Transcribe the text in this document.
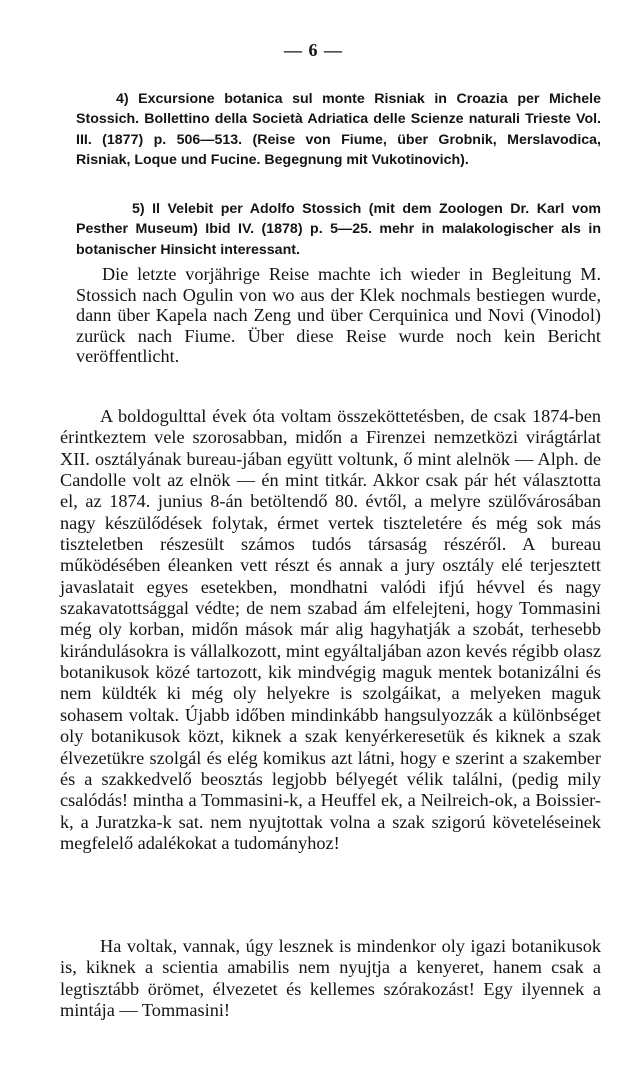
— 6 —

4) Excursione botanica sul monte Risniak in Croazia per Michele Stossich. Bollettino della Società Adriatica delle Scienze naturali Trieste Vol. III. (1877) p. 506—513. (Reise von Fiume, über Grobnik, Merslavodica, Risniak, Loque und Fucine. Begegnung mit Vukotinovich).

5) Il Velebit per Adolfo Stossich (mit dem Zoologen Dr. Karl vom Pesther Museum) Ibid IV. (1878) p. 5—25. mehr in malakologischer als in botanischer Hinsicht interessant.

Die letzte vorjährige Reise machte ich wieder in Begleitung M. Stossich nach Ogulin von wo aus der Klek nochmals bestiegen wurde, dann über Kapela nach Zeng und über Cerquinica und Novi (Vinodol) zurück nach Fiume. Über diese Reise wurde noch kein Bericht veröffentlicht.

A boldogulttal évek óta voltam összeköttetésben, de csak 1874-ben érintkeztem vele szorosabban, midőn a Firenzei nemzetközi virágtárlat XII. osztályának bureau-jában együtt voltunk, ő mint alelnök — Alph. de Candolle volt az elnök — én mint titkár. Akkor csak pár hét választotta el, az 1874. junius 8-án betöltendő 80. évtől, a melyre szülővárosában nagy készülődések folytak, érmet vertek tiszteletére és még sok más tiszteletben részesült számos tudós társaság részéről. A bureau működésében éleanken vett részt és annak a jury osztály elé terjesztett javaslatait egyes esetekben, mondhatni valódi ifjú hévvel és nagy szakavatottsággal védte; de nem szabad ám elfelejteni, hogy Tommasini még oly korban, midőn mások már alig hagyhatják a szobát, terhesebb kirándulásokra is vállalkozott, mint egyáltaljában azon kevés régibb olasz botanikusok közé tartozott, kik mindvégig maguk mentek botanizálni és nem küldték ki még oly helyekre is szolgáikat, a melyeken maguk sohasem voltak. Újabb időben mindinkább hangsulyozzák a különbséget oly botanikusok közt, kiknek a szak kenyérkeresetük és kiknek a szak élvezetükre szolgál és elég komikus azt látni, hogy e szerint a szakember és a szakkedvelő beosztás legjobb bélyegét vélik találni, (pedig mily csalódás! mintha a Tommasini-k, a Heuffel ek, a Neilreich-ok, a Boissier-k, a Juratzka-k sat. nem nyujtottak volna a szak szigorú követeléseinek megfelelő adalékokat a tudományhoz!

Ha voltak, vannak, úgy lesznek is mindenkor oly igazi botanikusok is, kiknek a scientia amabilis nem nyujtja a kenyeret, hanem csak a legtisztább örömet, élvezetet és kellemes szórakozást! Egy ilyennek a mintája — Tommasini!
